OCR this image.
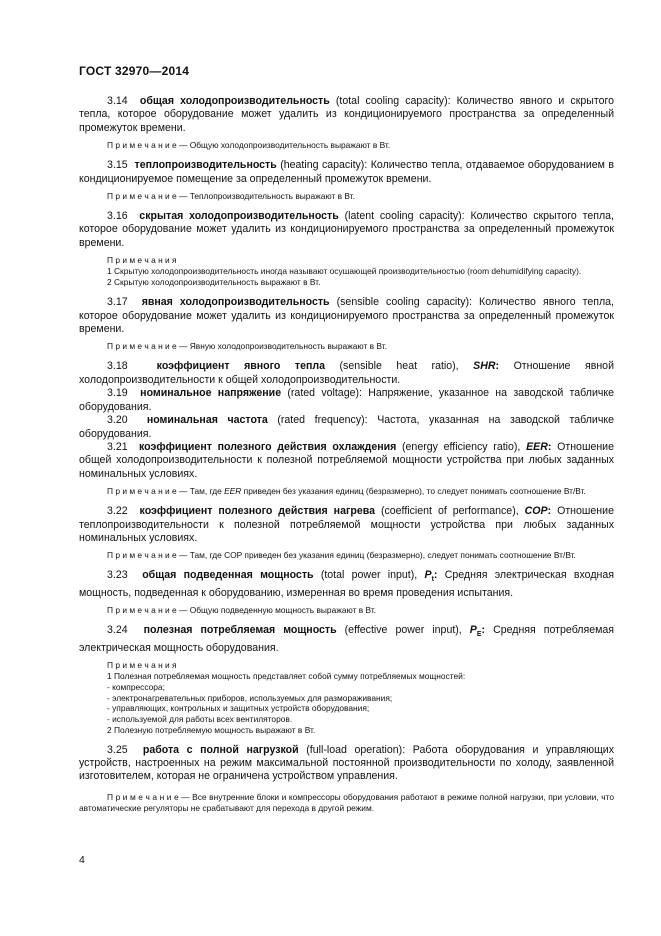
ГОСТ 32970—2014

3.14 общая холодопроизводительность (total cooling capacity): Количество явного и скрытого тепла, которое оборудование может удалить из кондиционируемого пространства за определенный промежуток времени.

П р и м е ч а н и е — Общую холодопроизводительность выражают в Вт.

3.15 теплопроизводительность (heating capacity): Количество тепла, отдаваемое оборудованием в кондиционируемое помещение за определенный промежуток времени.

П р и м е ч а н и е — Теплопроизводительность выражают в Вт.

3.16 скрытая холодопроизводительность (latent cooling capacity): Количество скрытого тепла, которое оборудование может удалить из кондиционируемого пространства за определенный промежуток времени.

П р и м е ч а н и я

1 Скрытую холодопроизводительность иногда называют осушающей производительностью (room dehumidifying capacity).

2 Скрытую холодопроизводительность выражают в Вт.

3.17 явная холодопроизводительность (sensible cooling capacity): Количество явного тепла, которое оборудование может удалить из кондиционируемого пространства за определенный промежуток времени.

П р и м е ч а н и е — Явную холодопроизводительность выражают в Вт.

3.18	коэффициент явного тепла (sensible heat ratio), SHR: Отношение явной холодопроизводительности к общей холодопроизводительности.

3.19 номинальное напряжение (rated voltage): Напряжение, указанное на заводской табличке оборудования.

3.20 номинальная частота (rated frequency): Частота, указанная на заводской табличке оборудования.

3.21 коэффициент полезного действия охлаждения (energy efficiency ratio), EER: Отношение общей холодопроизводительности к полезной потребляемой мощности устройства при любых заданных номинальных условиях.

П р и м е ч а н и е — Там, где EER приведен без указания единиц (безразмерно), то следует понимать соотношение Вт/Вт.

3.22 коэффициент полезного действия нагрева (coefficient of performance), COP: Отношение теплопроизводительности к полезной потребляемой мощности устройства при любых заданных номинальных условиях.

П р и м е ч а н и е — Там, где COP приведен без указания единиц (безразмерно), следует понимать соотношение Вт/Вт.

3.23 общая подведенная мощность (total power input), $P_t$: Средняя электрическая входная мощность, подведенная к оборудованию, измеренная во время проведения испытания.

П р и м е ч а н и е — Общую подведенную мощность выражают в Вт.

3.24 полезная потребляемая мощность (effective power input), $P_E$: Средняя потребляемая электрическая мощность оборудования.

П р и м е ч а н и я

1 Полезная потребляемая мощность представляет собой сумму потребляемых мощностей:

- компрессора;

- электронагревательных приборов, используемых для размораживания;

- управляющих, контрольных и защитных устройств оборудования;

- используемой для работы всех вентиляторов.

2 Полезную потребляемую мощность выражают в Вт.

3.25 работа с полной нагрузкой (full-load operation): Работа оборудования и управляющих устройств, настроенных на режим максимальной постоянной производительности по холоду, заявленной изготовителем, которая не ограничена устройством управления.

П р и м е ч а н и е — Все внутренние блоки и компрессоры оборудования работают в режиме полной нагрузки, при условии, что автоматические регуляторы не срабатывают для перехода в другой режим.

4
